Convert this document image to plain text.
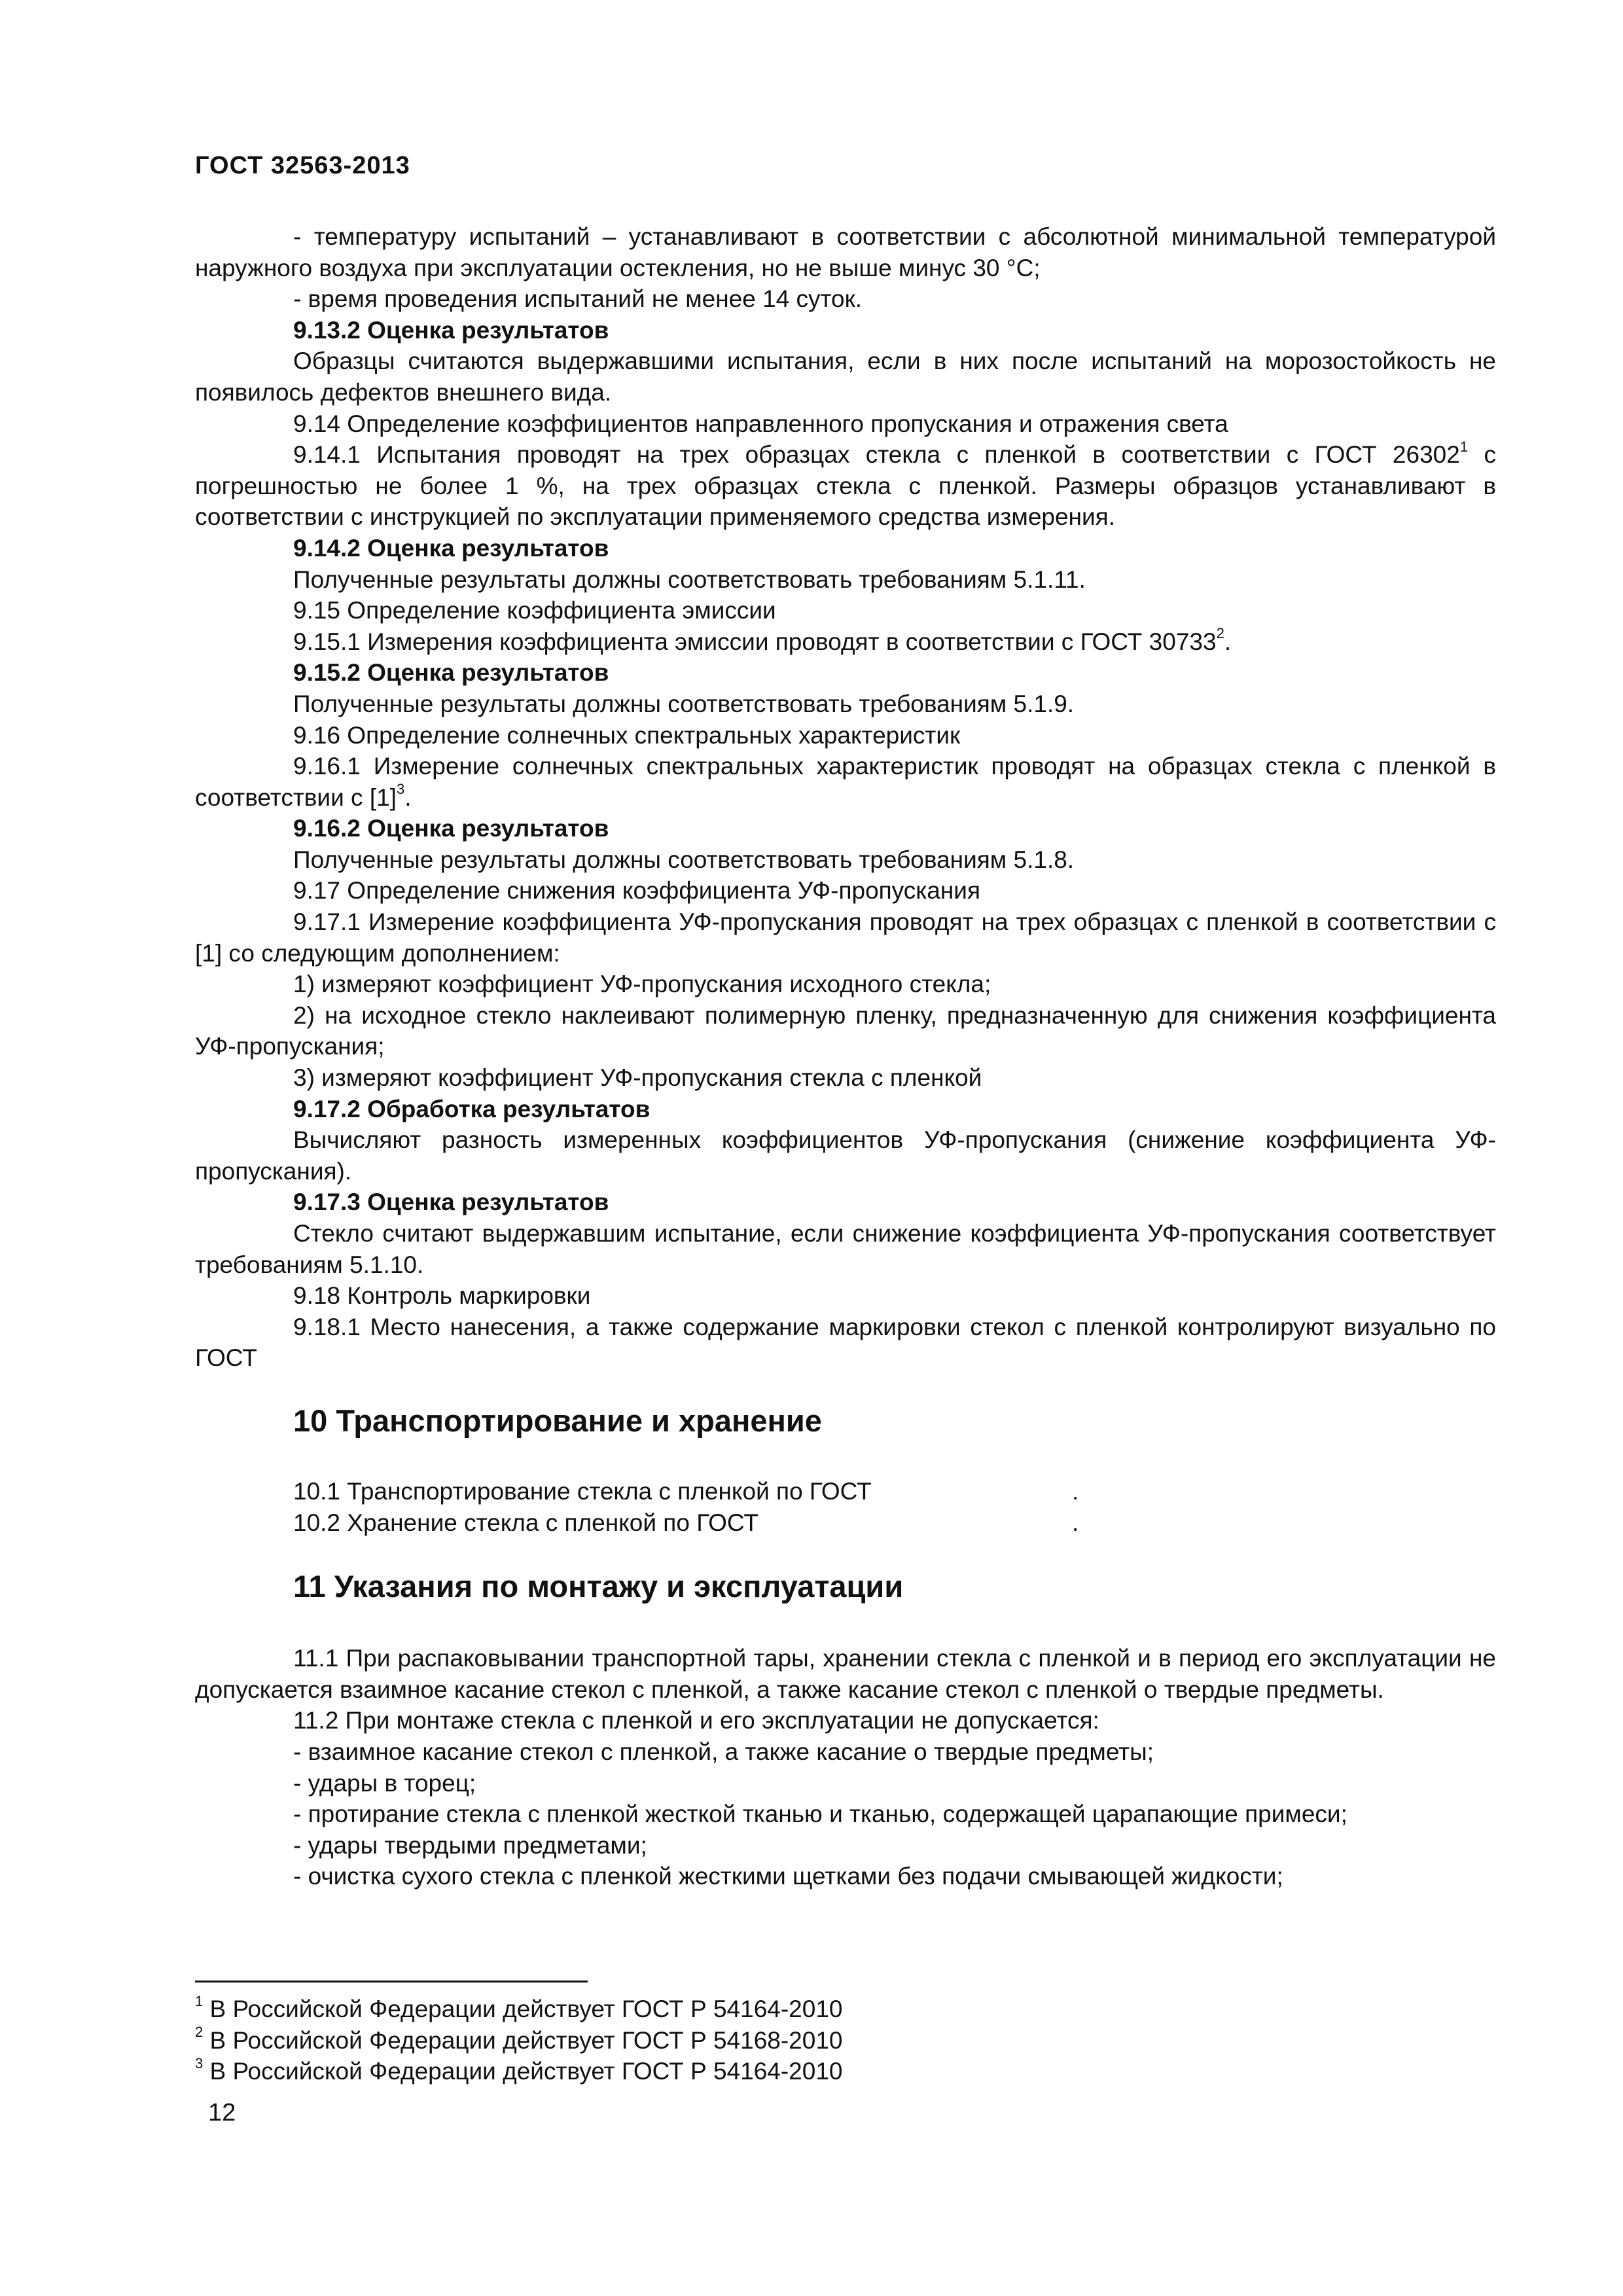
ГОСТ 32563-2013

- температуру испытаний – устанавливают в соответствии с абсолютной минимальной температурой наружного воздуха при эксплуатации остекления, но не выше минус 30 °С;

- время проведения испытаний не менее 14 суток.

9.13.2 Оценка результатов

Образцы считаются выдержавшими испытания, если в них после испытаний на морозостойкость не появилось дефектов внешнего вида.

9.14 Определение коэффициентов направленного пропускания и отражения света

9.14.1 Испытания проводят на трех образцах стекла с пленкой в соответствии с ГОСТ 26302$^1$ с погрешностью не более 1 %, на трех образцах стекла с пленкой. Размеры образцов устанавливают в соответствии с инструкцией по эксплуатации применяемого средства измерения.

9.14.2 Оценка результатов

Полученные результаты должны соответствовать требованиям 5.1.11.

9.15 Определение коэффициента эмиссии

9.15.1 Измерения коэффициента эмиссии проводят в соответствии с ГОСТ 30733$^2$.

9.15.2 Оценка результатов

Полученные результаты должны соответствовать требованиям 5.1.9.

9.16 Определение солнечных спектральных характеристик

9.16.1 Измерение солнечных спектральных характеристик проводят на образцах стекла с пленкой в соответствии с $[1]^3$.

9.16.2 Оценка результатов

Полученные результаты должны соответствовать требованиям 5.1.8.

9.17 Определение снижения коэффициента УФ-пропускания

9.17.1 Измерение коэффициента УФ-пропускания проводят на трех образцах с пленкой в соответствии с [1] со следующим дополнением:

1) измеряют коэффициент УФ-пропускания исходного стекла;

2) на исходное стекло наклеивают полимерную пленку, предназначенную для снижения коэффициента УФ-пропускания;

3) измеряют коэффициент УФ-пропускания стекла с пленкой

9.17.2 Обработка результатов

Вычисляют разность измеренных коэффициентов УФ-пропускания (снижение коэффициента УФ-пропускания).

9.17.3 Оценка результатов

Стекло считают выдержавшим испытание, если снижение коэффициента УФ-пропускания соответствует требованиям 5.1.10.

9.18 Контроль маркировки

9.18.1 Место нанесения, а также содержание маркировки стекол с пленкой контролируют визуально по ГОСТ

10 Транспортирование и хранение

10.1 Транспортирование стекла с пленкой по ГОСТ	.

10.2 Хранение стекла с пленкой по ГОСТ	.

11 Указания по монтажу и эксплуатации

11.1 При распаковывании транспортной тары, хранении стекла с пленкой и в период его эксплуатации не допускается взаимное касание стекол с пленкой, а также касание стекол с пленкой о твердые предметы.

11.2 При монтаже стекла с пленкой и его эксплуатации не допускается:

- взаимное касание стекол с пленкой, а также касание о твердые предметы;

- удары в торец;

- протирание стекла с пленкой жесткой тканью и тканью, содержащей царапающие примеси;

- удары твердыми предметами;

- очистка сухого стекла с пленкой жесткими щетками без подачи смывающей жидкости;

$^1$ В Российской Федерации действует ГОСТ Р 54164-2010
$^2$ В Российской Федерации действует ГОСТ Р 54168-2010
$^3$ В Российской Федерации действует ГОСТ Р 54164-2010
12
